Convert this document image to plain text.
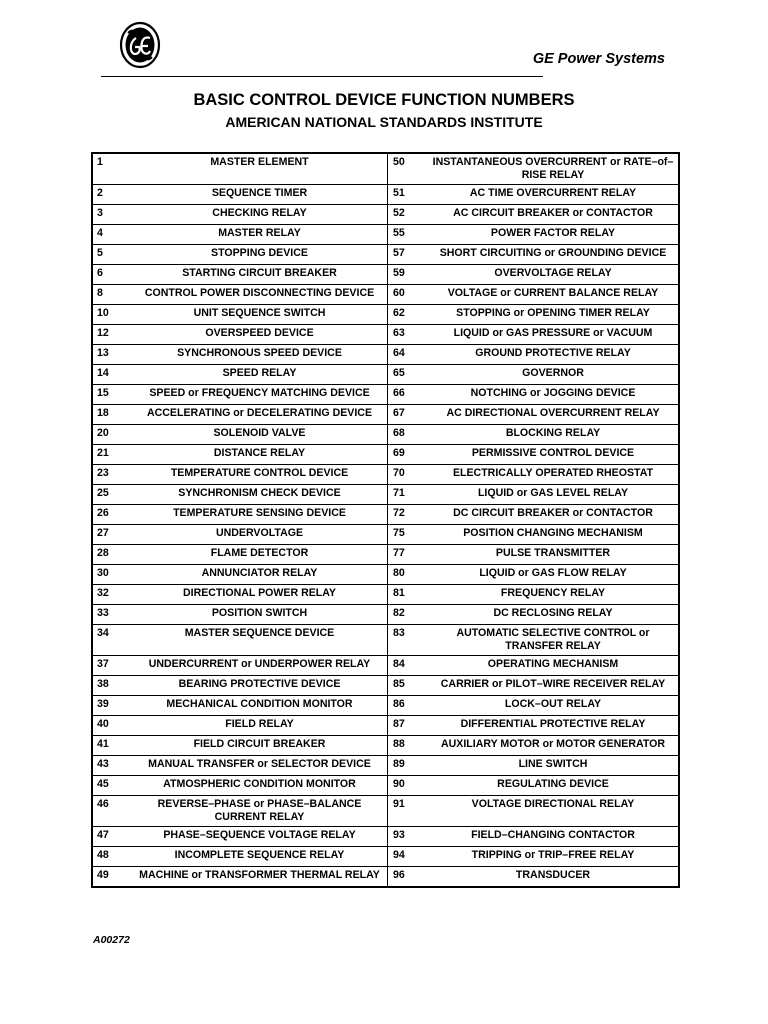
GE Power Systems
BASIC CONTROL DEVICE FUNCTION NUMBERS
AMERICAN NATIONAL STANDARDS INSTITUTE
1	MASTER ELEMENT	50	INSTANTANEOUS OVERCURRENT or RATE–of–RISE RELAY
2	SEQUENCE TIMER	51	AC TIME OVERCURRENT RELAY
3	CHECKING RELAY	52	AC CIRCUIT BREAKER or CONTACTOR
4	MASTER RELAY	55	POWER FACTOR RELAY
5	STOPPING DEVICE	57	SHORT CIRCUITING or GROUNDING DEVICE
6	STARTING CIRCUIT BREAKER	59	OVERVOLTAGE RELAY
8	CONTROL POWER DISCONNECTING DEVICE	60	VOLTAGE or CURRENT BALANCE RELAY
10	UNIT SEQUENCE SWITCH	62	STOPPING or OPENING TIMER RELAY
12	OVERSPEED DEVICE	63	LIQUID or GAS PRESSURE or VACUUM
13	SYNCHRONOUS SPEED DEVICE	64	GROUND PROTECTIVE RELAY
14	SPEED RELAY	65	GOVERNOR
15	SPEED or FREQUENCY MATCHING DEVICE	66	NOTCHING or JOGGING DEVICE
18	ACCELERATING or DECELERATING DEVICE	67	AC DIRECTIONAL OVERCURRENT RELAY
20	SOLENOID VALVE	68	BLOCKING RELAY
21	DISTANCE RELAY	69	PERMISSIVE CONTROL DEVICE
23	TEMPERATURE CONTROL DEVICE	70	ELECTRICALLY OPERATED RHEOSTAT
25	SYNCHRONISM CHECK DEVICE	71	LIQUID or GAS LEVEL RELAY
26	TEMPERATURE SENSING DEVICE	72	DC CIRCUIT BREAKER or CONTACTOR
27	UNDERVOLTAGE	75	POSITION CHANGING MECHANISM
28	FLAME DETECTOR	77	PULSE TRANSMITTER
30	ANNUNCIATOR RELAY	80	LIQUID or GAS FLOW RELAY
32	DIRECTIONAL POWER RELAY	81	FREQUENCY RELAY
33	POSITION SWITCH	82	DC RECLOSING RELAY
34	MASTER SEQUENCE DEVICE	83	AUTOMATIC SELECTIVE CONTROL or TRANSFER RELAY
37	UNDERCURRENT or UNDERPOWER RELAY	84	OPERATING MECHANISM
38	BEARING PROTECTIVE DEVICE	85	CARRIER or PILOT–WIRE RECEIVER RELAY
39	MECHANICAL CONDITION MONITOR	86	LOCK–OUT RELAY
40	FIELD RELAY	87	DIFFERENTIAL PROTECTIVE RELAY
41	FIELD CIRCUIT BREAKER	88	AUXILIARY MOTOR or MOTOR GENERATOR
43	MANUAL TRANSFER or SELECTOR DEVICE	89	LINE SWITCH
45	ATMOSPHERIC CONDITION MONITOR	90	REGULATING DEVICE
46	REVERSE–PHASE or PHASE–BALANCE CURRENT RELAY	91	VOLTAGE DIRECTIONAL RELAY
47	PHASE–SEQUENCE VOLTAGE RELAY	93	FIELD–CHANGING CONTACTOR
48	INCOMPLETE SEQUENCE RELAY	94	TRIPPING or TRIP–FREE RELAY
49	MACHINE or TRANSFORMER THERMAL RELAY	96	TRANSDUCER
A00272
